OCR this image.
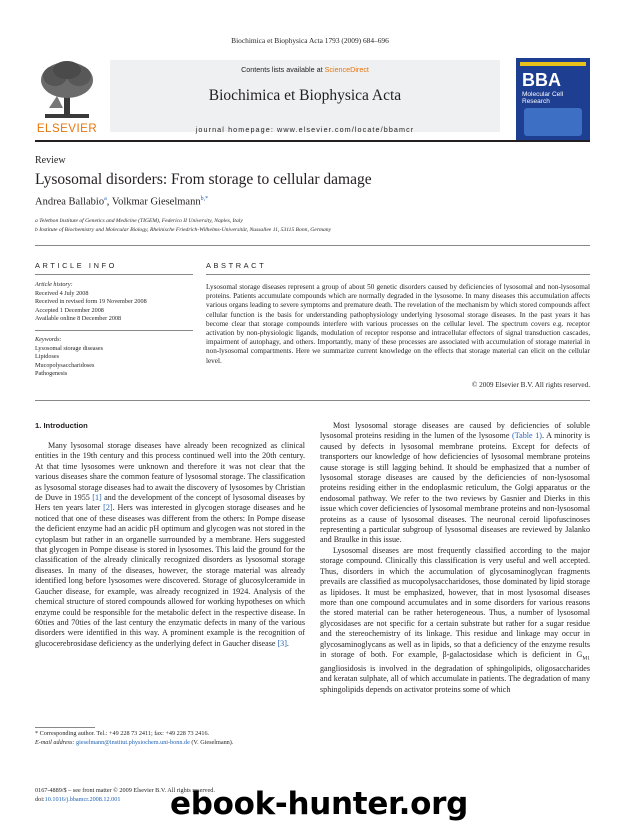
Biochimica et Biophysica Acta 1793 (2009) 684–696
ELSEVIER
Contents lists available at ScienceDirect
Biochimica et Biophysica Acta
journal homepage: www.elsevier.com/locate/bbamcr
BBA
Molecular Cell
Research
Review
Lysosomal disorders: From storage to cellular damage
Andrea Ballabio$^a$, Volkmar Gieselmann$^{b,*}$
a Telethon Institute of Genetics and Medicine (TIGEM), Federico II University, Naples, Italy
b Institute of Biochemistry and Molecular Biology, Rheinische Friedrich-Wilhelms-Universität, Nussallee 11, 53115 Bonn, Germany
ARTICLE INFO
Article history:
Received 4 July 2008
Received in revised form 19 November 2008
Accepted 1 December 2008
Available online 8 December 2008
Keywords:
Lysosomal storage diseases
Lipidoses
Mucopolysaccharidoses
Pathogenesis
ABSTRACT
Lysosomal storage diseases represent a group of about 50 genetic disorders caused by deficiencies of lysosomal and non-lysosomal proteins. Patients accumulate compounds which are normally degraded in the lysosome. In many diseases this accumulation affects various organs leading to severe symptoms and premature death. The revelation of the mechanism by which stored compounds affect cellular function is the basis for understanding pathophysiology underlying lysosomal storage diseases. In the past years it has become clear that storage compounds interfere with various processes on the cellular level. The spectrum covers e.g. receptor activation by non-physiologic ligands, modulation of receptor response and intracellular effectors of signal transduction cascades, impairment of autophagy, and others. Importantly, many of these processes are associated with accumulation of storage material in non-lysosomal compartments. Here we summarize current knowledge on the effects that storage material can elicit on the cellular level.
© 2009 Elsevier B.V. All rights reserved.
1. Introduction

Many lysosomal storage diseases have already been recognized as clinical entities in the 19th century and this process continued well into the 20th century. At that time lysosomes were unknown and therefore it was not clear that the various diseases share the common feature of lysosomal storage. The classification as lysosomal storage diseases had to await the discovery of lysosomes by Christian de Duve in 1955 [1] and the development of the concept of lysosomal diseases by Hers ten years later [2]. Hers was interested in glycogen storage diseases and he noticed that one of these diseases was different from the others: In Pompe disease the deficient enzyme had an acidic pH optimum and glycogen was not stored in the cytoplasm but rather in an organelle surrounded by a membrane. Hers suggested that glycogen in Pompe disease is stored in lysosomes. This laid the ground for the classification of the already clinically recognized disorders as lysosomal storage diseases. In many of the diseases, however, the storage material was already identified long before lysosomes were discovered. Storage of glucosylceramide in Gaucher disease, for example, was already recognized in 1924. Analysis of the chemical structure of stored compounds allowed for working hypotheses on which enzyme could be responsible for the metabolic defect in the respective disease. In 60ties and 70ties of the last century the enzymatic defects in many of the various disorders were identified in this way. A prominent example is the recognition of glucocerebrosidase deficiency as the underlying defect in Gaucher disease [3].

Most lysosomal storage diseases are caused by deficiencies of soluble lysosomal proteins residing in the lumen of the lysosome (Table 1). A minority is caused by defects in lysosomal membrane proteins. Except for defects of transporters our knowledge of how deficiencies of lysosomal membrane proteins cause storage is still lagging behind. It should be emphasized that a number of lysosomal storage diseases are caused by the deficiencies of non-lysosomal proteins residing either in the endoplasmic reticulum, the Golgi apparatus or the endosomal pathway. We refer to the two reviews by Gasnier and Dierks in this issue which cover deficiencies of lysosomal membrane proteins and non-lysosomal proteins as a cause of lysosomal diseases. The neuronal ceroid lipofuscinoses representing a particular subgroup of lysosomal diseases are reviewed by Jalanko and Braulke in this issue.

Lysosomal diseases are most frequently classified according to the major storage compound. Clinically this classification is very useful and well accepted. Thus, disorders in which the accumulation of glycosaminoglycan fragments prevails are classified as mucopolysaccharidoses, those dominated by lipid storage as lipidoses. It must be emphasized, however, that in most lysosomal diseases more than one compound accumulates and in some disorders for various reasons the stored material can be rather heterogeneous. Thus, a number of lysosomal glycosidases are not specific for a certain substrate but rather for a sugar residue and the stereochemistry of its linkage. This residue and linkage may occur in glycosaminoglycans as well as in lipids, so that a deficiency of the enzyme results in storage of both. For example, β-galactosidase which is deficient in $G_{M1}$ gangliosidosis is involved in the degradation of sphingolipids, oligosaccharides and keratan sulphate, all of which accumulate in patients. The degradation of many sphingolipids depends on activator proteins some of which

* Corresponding author. Tel.: +49 228 73 2411; fax: +49 228 73 2416.
E-mail address: gieselmann@institut.physiochem.uni-bonn.de (V. Gieselmann).
0167-4889/$ – see front matter © 2009 Elsevier B.V. All rights reserved.
doi:10.1016/j.bbamcr.2008.12.001	ebook-hunter.org
